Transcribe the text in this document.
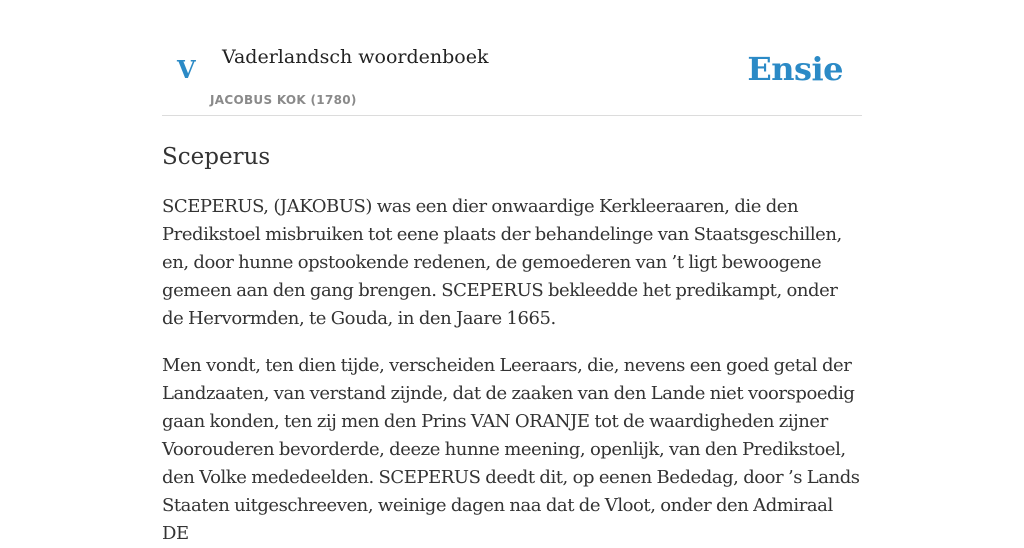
V Vaderlandsch woordenboek
JACOBUS KOK (1780)
Ensie
Sceperus

SCEPERUS, (JAKOBUS) was een dier onwaardige Kerkleeraaren, die den Predikstoel misbruiken tot eene plaats der behandelinge van Staatsgeschillen, en, door hunne opstookende redenen, de gemoederen van ’t ligt bewoogene gemeen aan den gang brengen. SCEPERUS bekleedde het predikampt, onder de Hervormden, te Gouda, in den Jaare 1665.

Men vondt, ten dien tijde, verscheiden Leeraars, die, nevens een goed getal der Landzaaten, van verstand zijnde, dat de zaaken van den Lande niet voorspoedig gaan konden, ten zij men den Prins VAN ORANJE tot de waardigheden zijner Voorouderen bevorderde, deeze hunne meening, openlijk, van den Predikstoel, den Volke mededeelden. SCEPERUS deedt dit, op eenen Bededag, door ’s Lands Staaten uitgeschreeven, weinige dagen naa dat de Vloot, onder den Admiraal DE
